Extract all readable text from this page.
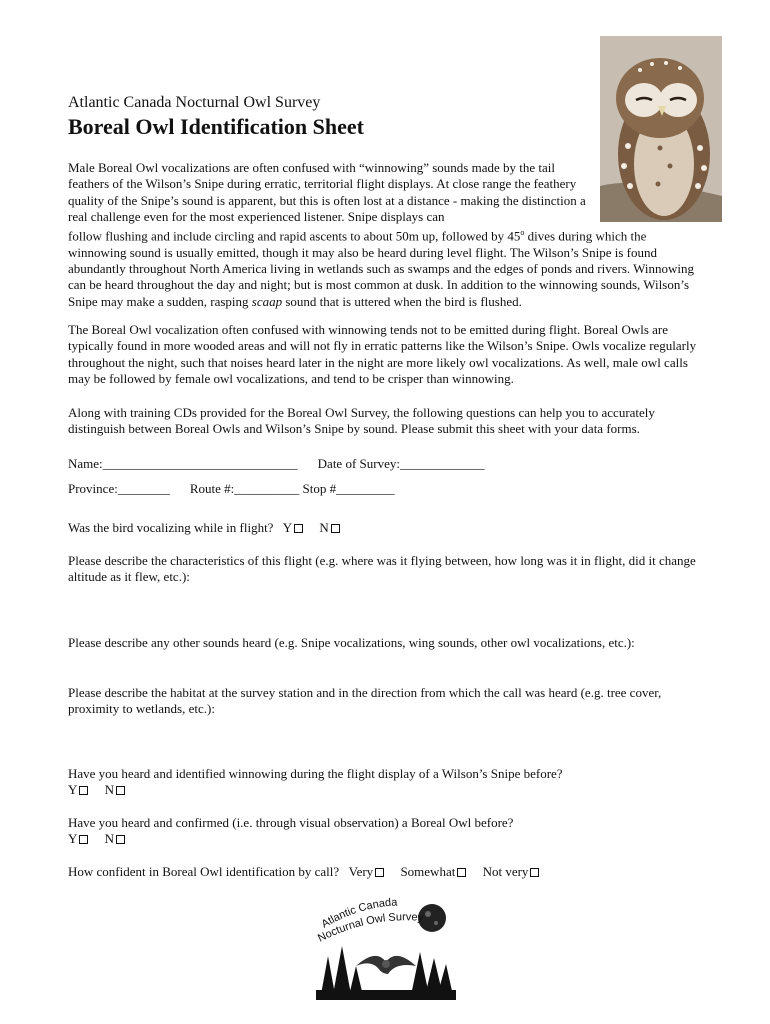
Atlantic Canada Nocturnal Owl Survey
Boreal Owl Identification Sheet

Male Boreal Owl vocalizations are often confused with “winnowing” sounds made by the tail feathers of the Wilson’s Snipe during erratic, territorial flight displays. At close range the feathery quality of the Snipe’s sound is apparent, but this is often lost at a distance - making the distinction a real challenge even for the most experienced listener. Snipe displays can
follow flushing and include circling and rapid ascents to about 50m up, followed by 45$^o$ dives during which the winnowing sound is usually emitted, though it may also be heard during level flight. The Wilson’s Snipe is found abundantly throughout North America living in wetlands such as swamps and the edges of ponds and rivers. Winnowing can be heard throughout the day and night; but is most common at dusk. In addition to the winnowing sounds, Wilson’s Snipe may make a sudden, rasping scaap sound that is uttered when the bird is flushed.

The Boreal Owl vocalization often confused with winnowing tends not to be emitted during flight. Boreal Owls are typically found in more wooded areas and will not fly in erratic patterns like the Wilson’s Snipe. Owls vocalize regularly throughout the night, such that noises heard later in the night are more likely owl vocalizations. As well, male owl calls may be followed by female owl vocalizations, and tend to be crisper than winnowing.

Along with training CDs provided for the Boreal Owl Survey, the following questions can help you to accurately distinguish between Boreal Owls and Wilson’s Snipe by sound. Please submit this sheet with your data forms.

Name:______________________________ Date of Survey:_____________
Province:________ Route #:__________ Stop #_________
Was the bird vocalizing while in flight? Y N

Please describe the characteristics of this flight (e.g. where was it flying between, how long was it in flight, did it change altitude as it flew, etc.):

Please describe any other sounds heard (e.g. Snipe vocalizations, wing sounds, other owl vocalizations, etc.):

Please describe the habitat at the survey station and in the direction from which the call was heard (e.g. tree cover, proximity to wetlands, etc.):

Have you heard and identified winnowing during the flight display of a Wilson’s Snipe before?

Y N

Have you heard and confirmed (i.e. through visual observation) a Boreal Owl before?

Y N
How confident in Boreal Owl identification by call? Very Somewhat Not very
Atlantic Canada
Nocturnal Owl Survey
